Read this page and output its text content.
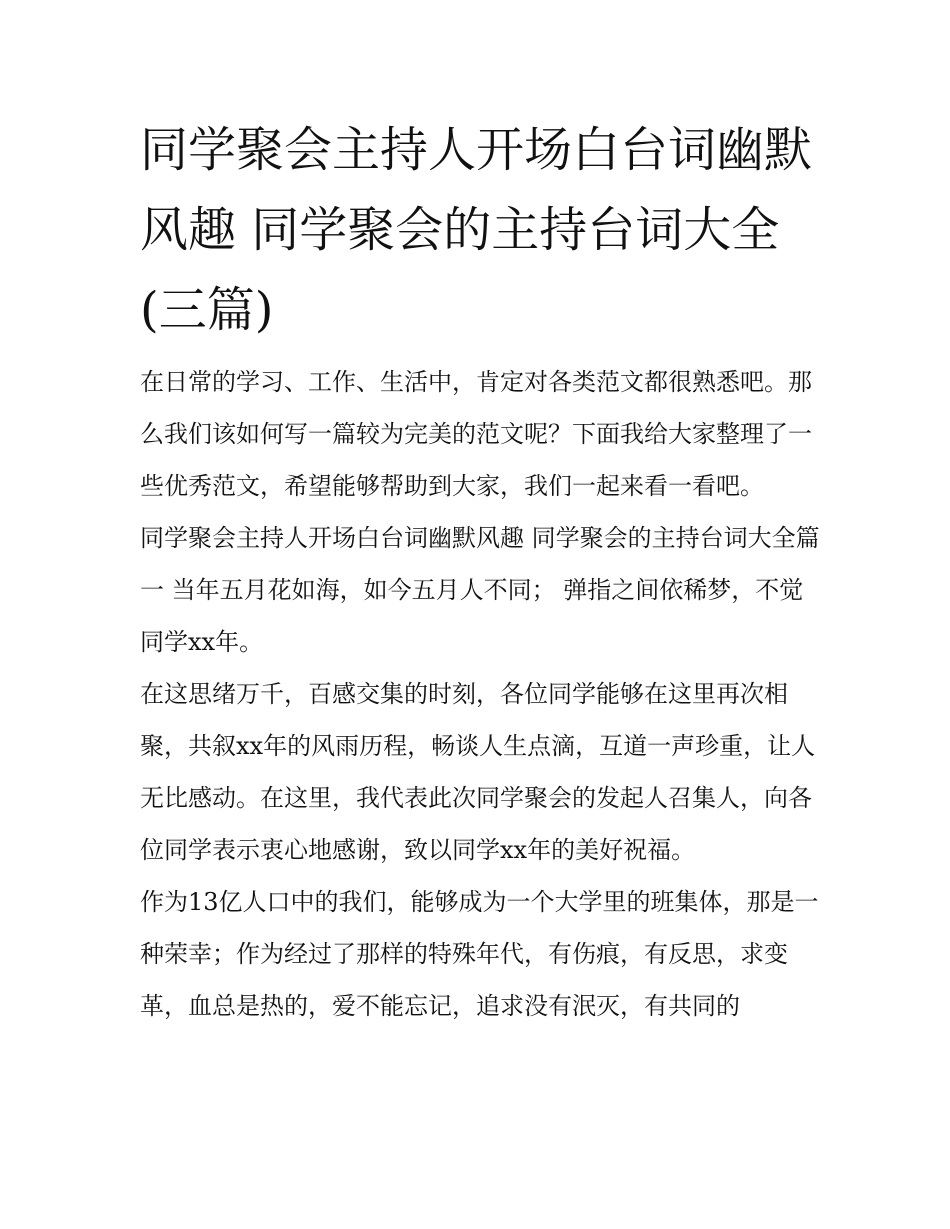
同学聚会主持人开场白台词幽默风趣 同学聚会的主持台词大全(三篇)

在日常的学习、工作、生活中，肯定对各类范文都很熟悉吧。那么我们该如何写一篇较为完美的范文呢？下面我给大家整理了一些优秀范文，希望能够帮助到大家，我们一起来看一看吧。

同学聚会主持人开场白台词幽默风趣 同学聚会的主持台词大全篇一 当年五月花如海，如今五月人不同； 弹指之间依稀梦，不觉同学xx年。

在这思绪万千，百感交集的时刻，各位同学能够在这里再次相聚，共叙xx年的风雨历程，畅谈人生点滴，互道一声珍重，让人无比感动。在这里，我代表此次同学聚会的发起人召集人，向各位同学表示衷心地感谢，致以同学xx年的美好祝福。

作为13亿人口中的我们，能够成为一个大学里的班集体，那是一种荣幸；作为经过了那样的特殊年代，有伤痕，有反思，求变革，血总是热的，爱不能忘记，追求没有泯灭，有共同的
